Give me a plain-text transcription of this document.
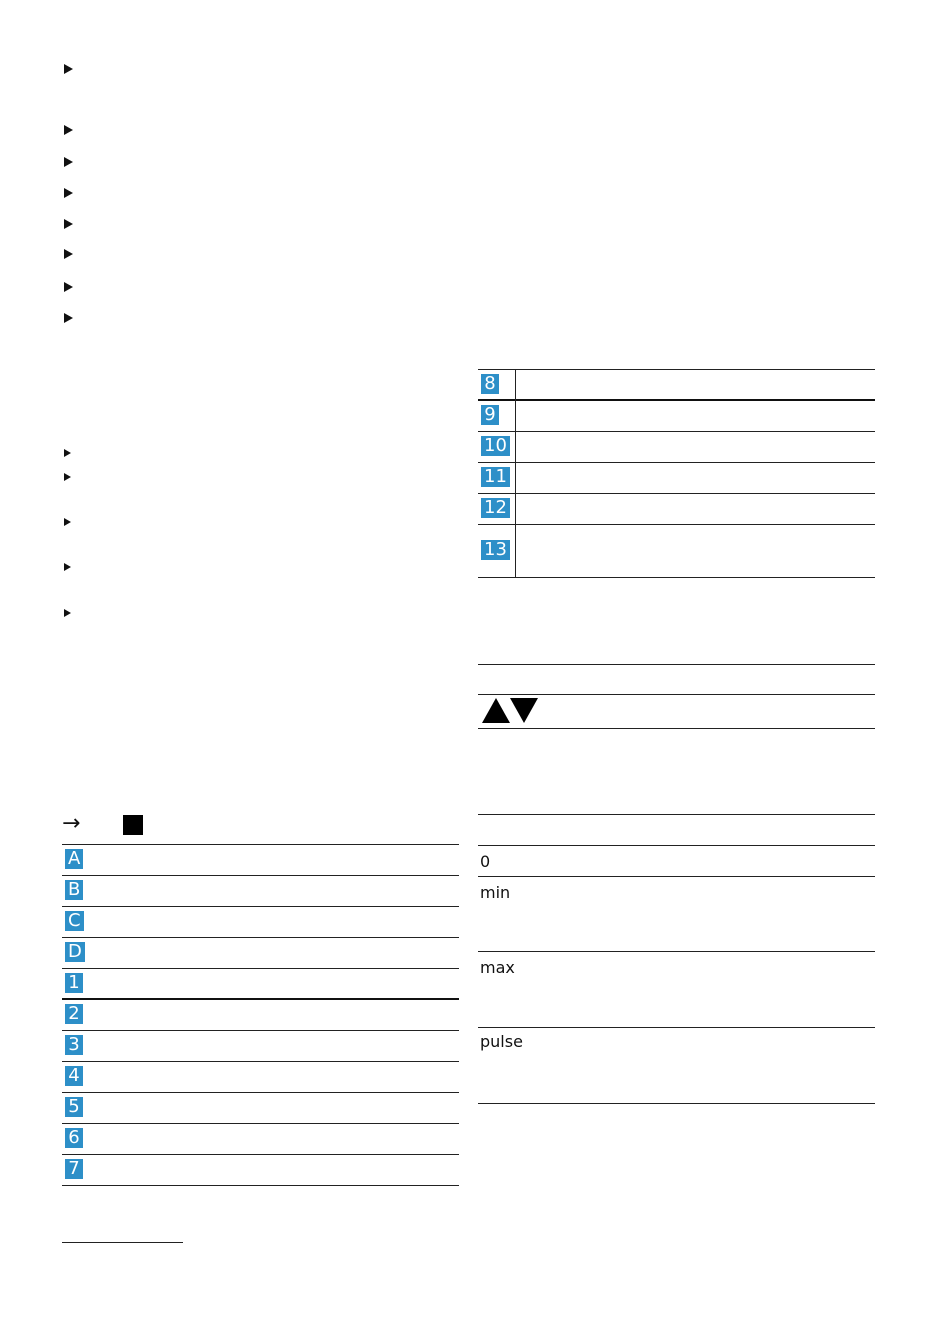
→
A
B
C
D
1
2
3
4
5
6
7
8
9
10
11
12
13
0
min
max
pulse
